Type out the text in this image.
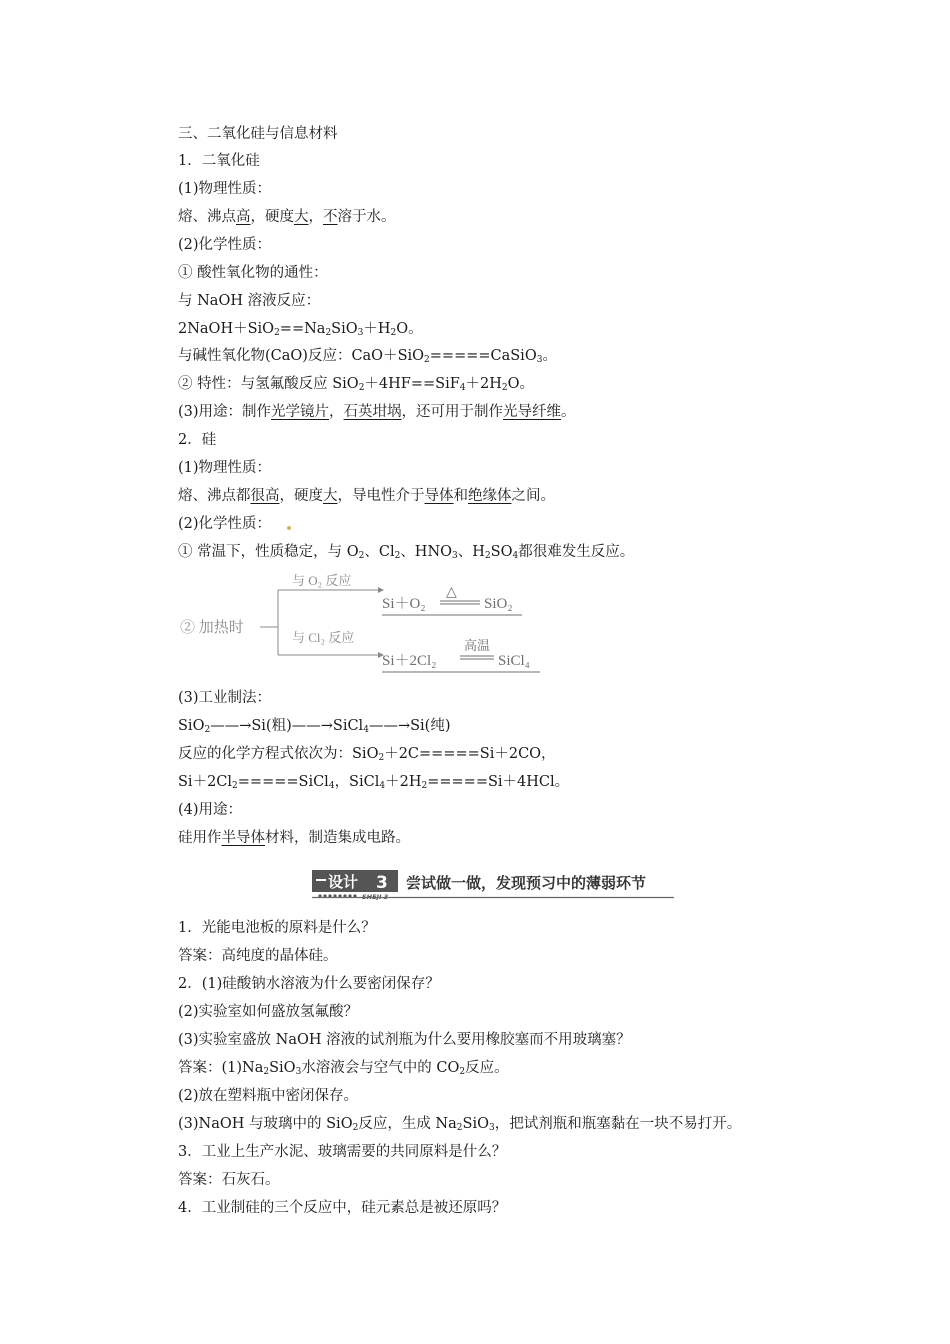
三、二氧化硅与信息材料
1．二氧化硅
(1)物理性质：
熔、沸点高，硬度大，不溶于水。
(2)化学性质：
① 酸性氧化物的通性：
与 NaOH 溶液反应：
$2NaOH+SiO_2==Na_2SiO_3+H_2O$。
与碱性氧化物(CaO)反应：CaO＋SiO$_2$=====CaSiO$_3$。
② 特性：与氢氟酸反应 $SiO_2+4HF==SiF_4+2H_2O$。
(3)用途：制作光学镜片，石英坩埚，还可用于制作光导纤维。
2．硅
(1)物理性质：
熔、沸点都很高，硬度大，导电性介于导体和绝缘体之间。
(2)化学性质：
① 常温下，性质稳定，与 $O_2$、$Cl_2$、$HNO_3$、$H_2SO_4$都很难发生反应。
② 加热时
与 O₂ 反应
Si＋O₂
△
SiO₂
与 Cl₂ 反应
Si＋2Cl₂
高温
SiCl₄
(3)工业制法：
SiO$_2$——→Si(粗)——→SiCl$_4$——→Si(纯)
反应的化学方程式依次为：SiO$_2$＋2C=====Si＋2CO，
$Si+2Cl_2=====SiCl_4$，$SiCl_4+2H_2=====Si+4HCl$。
(4)用途：
硅用作半导体材料，制造集成电路。
设计 3
SHEJI 3
尝试做一做，发现预习中的薄弱环节
1．光能电池板的原料是什么？
答案：高纯度的晶体硅。
2．(1)硅酸钠水溶液为什么要密闭保存？
(2)实验室如何盛放氢氟酸？
(3)实验室盛放 NaOH 溶液的试剂瓶为什么要用橡胶塞而不用玻璃塞？
答案：$(1)Na_2SiO_3$水溶液会与空气中的 $CO_2$反应。
(2)放在塑料瓶中密闭保存。
(3)NaOH 与玻璃中的 SiO$_2$反应，生成 $Na_2SiO_3$，把试剂瓶和瓶塞黏在一块不易打开。
3．工业上生产水泥、玻璃需要的共同原料是什么？
答案：石灰石。
4．工业制硅的三个反应中，硅元素总是被还原吗？
